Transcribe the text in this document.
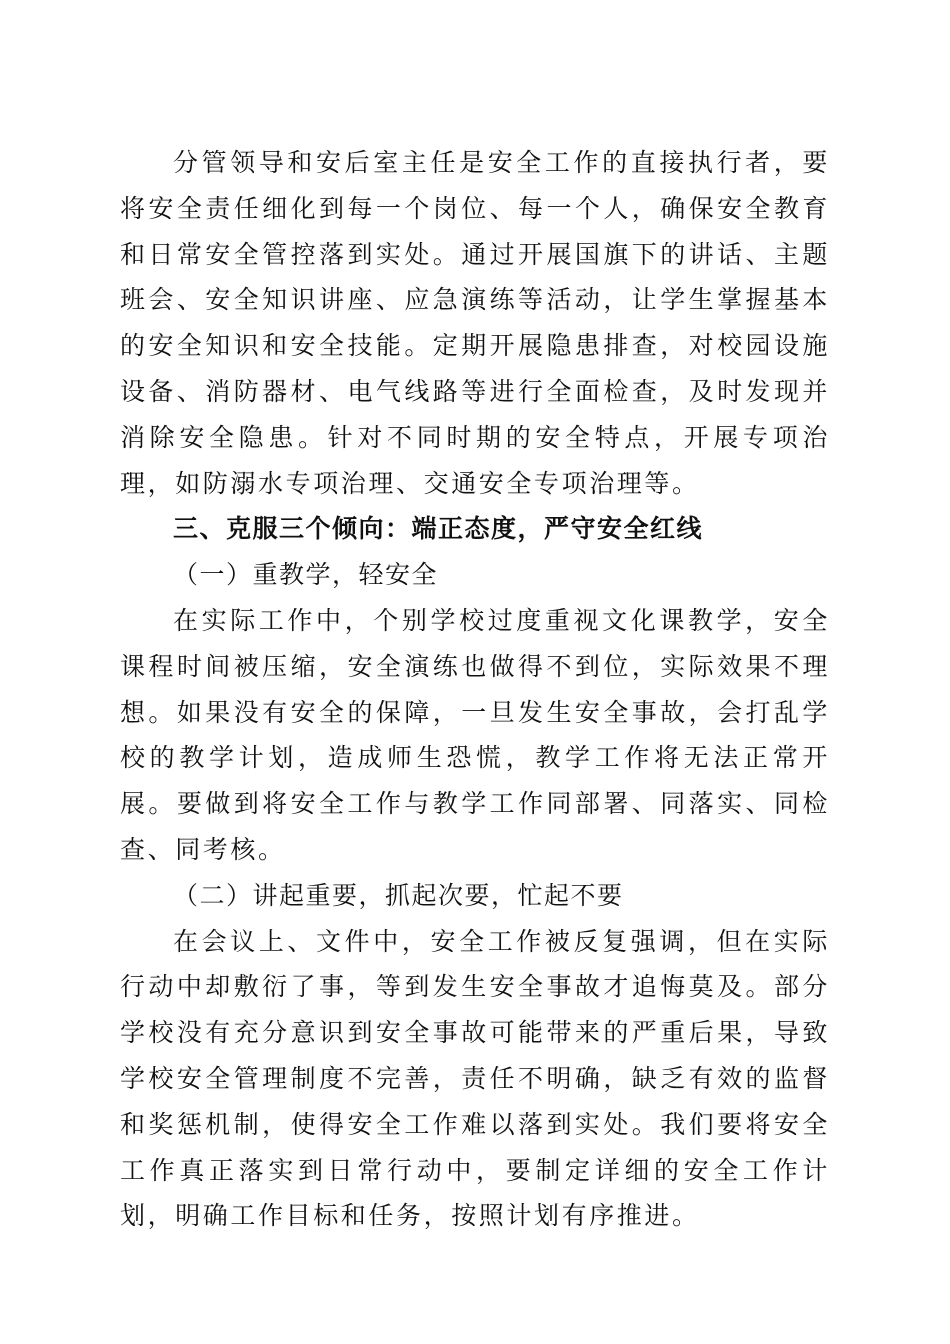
分管领导和安后室主任是安全工作的直接执行者，要将安全责任细化到每一个岗位、每一个人，确保安全教育和日常安全管控落到实处。通过开展国旗下的讲话、主题班会、安全知识讲座、应急演练等活动，让学生掌握基本的安全知识和安全技能。定期开展隐患排查，对校园设施设备、消防器材、电气线路等进行全面检查，及时发现并消除安全隐患。针对不同时期的安全特点，开展专项治理，如防溺水专项治理、交通安全专项治理等。

三、克服三个倾向：端正态度，严守安全红线

（一）重教学，轻安全

在实际工作中，个别学校过度重视文化课教学，安全课程时间被压缩，安全演练也做得不到位，实际效果不理想。如果没有安全的保障，一旦发生安全事故，会打乱学校的教学计划，造成师生恐慌，教学工作将无法正常开展。要做到将安全工作与教学工作同部署、同落实、同检查、同考核。

（二）讲起重要，抓起次要，忙起不要

在会议上、文件中，安全工作被反复强调，但在实际行动中却敷衍了事，等到发生安全事故才追悔莫及。部分学校没有充分意识到安全事故可能带来的严重后果，导致学校安全管理制度不完善，责任不明确，缺乏有效的监督和奖惩机制，使得安全工作难以落到实处。我们要将安全工作真正落实到日常行动中，要制定详细的安全工作计划，明确工作目标和任务，按照计划有序推进。
